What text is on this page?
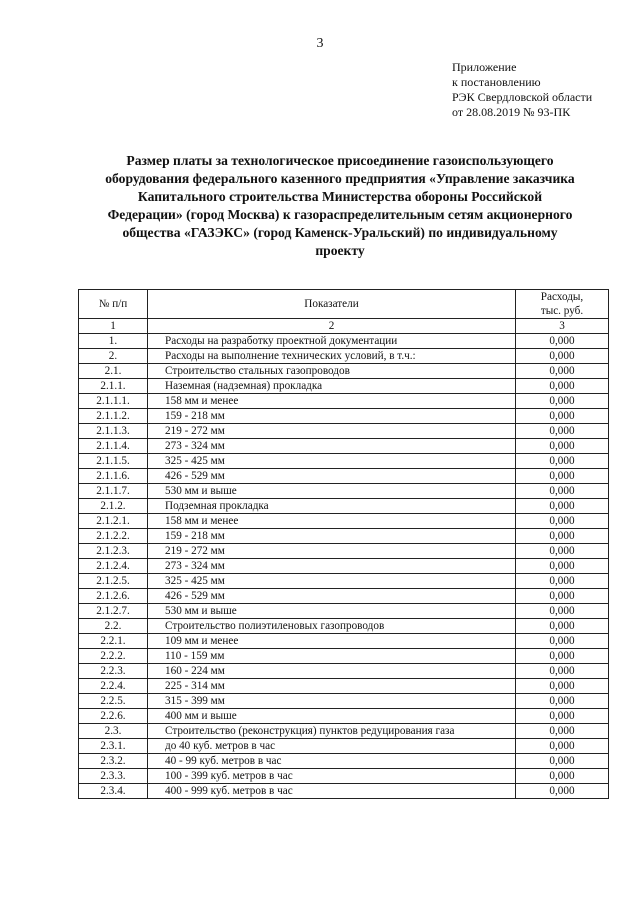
3
Приложение
к постановлению
РЭК Свердловской области
от 28.08.2019 № 93-ПК
Размер платы за технологическое присоединение газоиспользующего
оборудования федерального казенного предприятия «Управление заказчика
Капитального строительства Министерства обороны Российской
Федерации» (город Москва) к газораспределительным сетям акционерного
общества «ГАЗЭКС» (город Каменск-Уральский) по индивидуальному
проекту
№ п/п	Показатели	Расходы,
тыс. руб.
1	2	3
1.	Расходы на разработку проектной документации	0,000
2.	Расходы на выполнение технических условий, в т.ч.:	0,000
2.1.	Строительство стальных газопроводов	0,000
2.1.1.	Наземная (надземная) прокладка	0,000
2.1.1.1.	158 мм и менее	0,000
2.1.1.2.	159 - 218 мм	0,000
2.1.1.3.	219 - 272 мм	0,000
2.1.1.4.	273 - 324 мм	0,000
2.1.1.5.	325 - 425 мм	0,000
2.1.1.6.	426 - 529 мм	0,000
2.1.1.7.	530 мм и выше	0,000
2.1.2.	Подземная прокладка	0,000
2.1.2.1.	158 мм и менее	0,000
2.1.2.2.	159 - 218 мм	0,000
2.1.2.3.	219 - 272 мм	0,000
2.1.2.4.	273 - 324 мм	0,000
2.1.2.5.	325 - 425 мм	0,000
2.1.2.6.	426 - 529 мм	0,000
2.1.2.7.	530 мм и выше	0,000
2.2.	Строительство полиэтиленовых газопроводов	0,000
2.2.1.	109 мм и менее	0,000
2.2.2.	110 - 159 мм	0,000
2.2.3.	160 - 224 мм	0,000
2.2.4.	225 - 314 мм	0,000
2.2.5.	315 - 399 мм	0,000
2.2.6.	400 мм и выше	0,000
2.3.	Строительство (реконструкция) пунктов редуцирования газа	0,000
2.3.1.	до 40 куб. метров в час	0,000
2.3.2.	40 - 99 куб. метров в час	0,000
2.3.3.	100 - 399 куб. метров в час	0,000
2.3.4.	400 - 999 куб. метров в час	0,000
